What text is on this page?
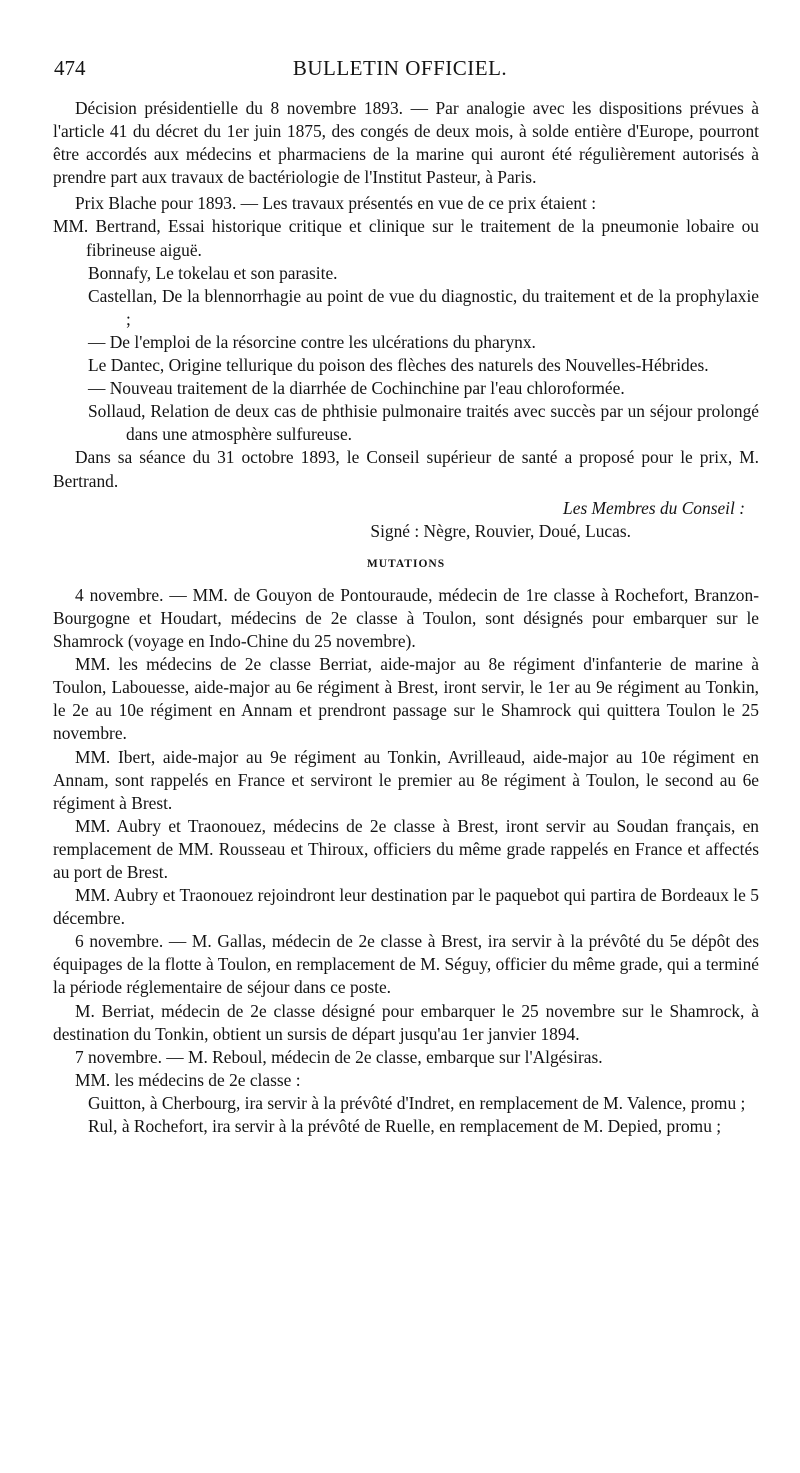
474	BULLETIN OFFICIEL.

Décision présidentielle du 8 novembre 1893. — Par analogie avec les dispositions prévues à l'article 41 du décret du 1er juin 1875, des congés de deux mois, à solde entière d'Europe, pourront être accordés aux médecins et pharmaciens de la marine qui auront été régulièrement autorisés à prendre part aux travaux de bactériologie de l'Institut Pasteur, à Paris.

Prix Blache pour 1893. — Les travaux présentés en vue de ce prix étaient :

MM. Bertrand, Essai historique critique et clinique sur le traitement de la pneumonie lobaire ou fibrineuse aiguë.

Bonnafy, Le tokelau et son parasite.

Castellan, De la blennorrhagie au point de vue du diagnostic, du traitement et de la prophylaxie ;

— De l'emploi de la résorcine contre les ulcérations du pharynx.

Le Dantec, Origine tellurique du poison des flèches des naturels des Nouvelles-Hébrides.

— Nouveau traitement de la diarrhée de Cochinchine par l'eau chloroformée.

Sollaud, Relation de deux cas de phthisie pulmonaire traités avec succès par un séjour prolongé dans une atmosphère sulfureuse.

Dans sa séance du 31 octobre 1893, le Conseil supérieur de santé a proposé pour le prix, M. Bertrand.

Les Membres du Conseil :

Signé : Nègre, Rouvier, Doué, Lucas.

MUTATIONS

4 novembre. — MM. de Gouyon de Pontouraude, médecin de 1re classe à Rochefort, Branzon-Bourgogne et Houdart, médecins de 2e classe à Toulon, sont désignés pour embarquer sur le Shamrock (voyage en Indo-Chine du 25 novembre).

MM. les médecins de 2e classe Berriat, aide-major au 8e régiment d'infanterie de marine à Toulon, Labouesse, aide-major au 6e régiment à Brest, iront servir, le 1er au 9e régiment au Tonkin, le 2e au 10e régiment en Annam et prendront passage sur le Shamrock qui quittera Toulon le 25 novembre.

MM. Ibert, aide-major au 9e régiment au Tonkin, Avrilleaud, aide-major au 10e régiment en Annam, sont rappelés en France et serviront le premier au 8e régiment à Toulon, le second au 6e régiment à Brest.

MM. Aubry et Traonouez, médecins de 2e classe à Brest, iront servir au Soudan français, en remplacement de MM. Rousseau et Thiroux, officiers du même grade rappelés en France et affectés au port de Brest.

MM. Aubry et Traonouez rejoindront leur destination par le paquebot qui partira de Bordeaux le 5 décembre.

6 novembre. — M. Gallas, médecin de 2e classe à Brest, ira servir à la prévôté du 5e dépôt des équipages de la flotte à Toulon, en remplacement de M. Séguy, officier du même grade, qui a terminé la période réglementaire de séjour dans ce poste.

M. Berriat, médecin de 2e classe désigné pour embarquer le 25 novembre sur le Shamrock, à destination du Tonkin, obtient un sursis de départ jusqu'au 1er janvier 1894.

7 novembre. — M. Reboul, médecin de 2e classe, embarque sur l'Algésiras.

MM. les médecins de 2e classe :

Guitton, à Cherbourg, ira servir à la prévôté d'Indret, en remplacement de M. Valence, promu ;

Rul, à Rochefort, ira servir à la prévôté de Ruelle, en remplacement de M. Depied, promu ;
